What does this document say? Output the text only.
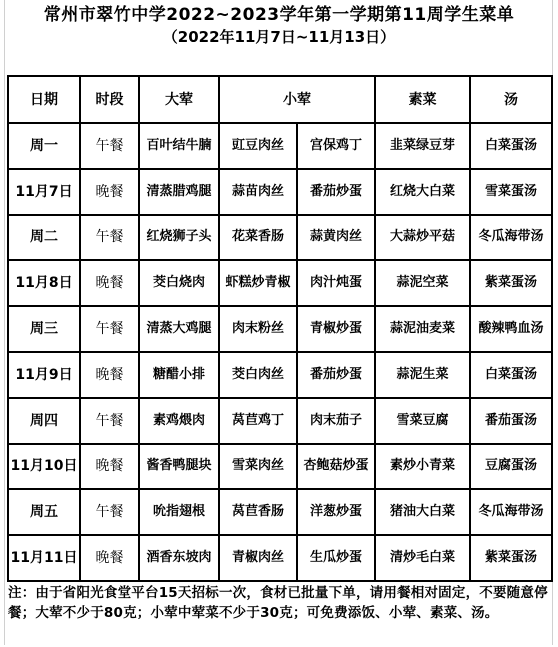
常州市翠竹中学2022~2023学年第一学期第11周学生菜单
（2022年11月7日~11月13日）
日期	时段	大荤	小荤		素菜	汤
周一	午餐	百叶结牛腩	豇豆肉丝	宫保鸡丁	韭菜绿豆芽	白菜蛋汤
11月7日	晚餐	清蒸腊鸡腿	蒜苗肉丝	番茄炒蛋	红烧大白菜	雪菜蛋汤
周二	午餐	红烧狮子头	花菜香肠	蒜黄肉丝	大蒜炒平菇	冬瓜海带汤
11月8日	晚餐	茭白烧肉	虾糕炒青椒	肉汁炖蛋	蒜泥空菜	紫菜蛋汤
周三	午餐	清蒸大鸡腿	肉末粉丝	青椒炒蛋	蒜泥油麦菜	酸辣鸭血汤
11月9日	晚餐	糖醋小排	茭白肉丝	番茄炒蛋	蒜泥生菜	白菜蛋汤
周四	午餐	素鸡煨肉	莴苣鸡丁	肉末茄子	雪菜豆腐	番茄蛋汤
11月10日	晚餐	酱香鸭腿块	雪菜肉丝	杏鲍菇炒蛋	素炒小青菜	豆腐蛋汤
周五	午餐	吮指翅根	莴苣香肠	洋葱炒蛋	猪油大白菜	冬瓜海带汤
11月11日	晚餐	酒香东坡肉	青椒肉丝	生瓜炒蛋	清炒毛白菜	紫菜蛋汤
注：由于省阳光食堂平台15天招标一次，食材已批量下单，请用餐相对固定，不要随意停餐；大荤不少于80克；小荤中荤菜不少于30克；可免费添饭、小荤、素菜、汤。
